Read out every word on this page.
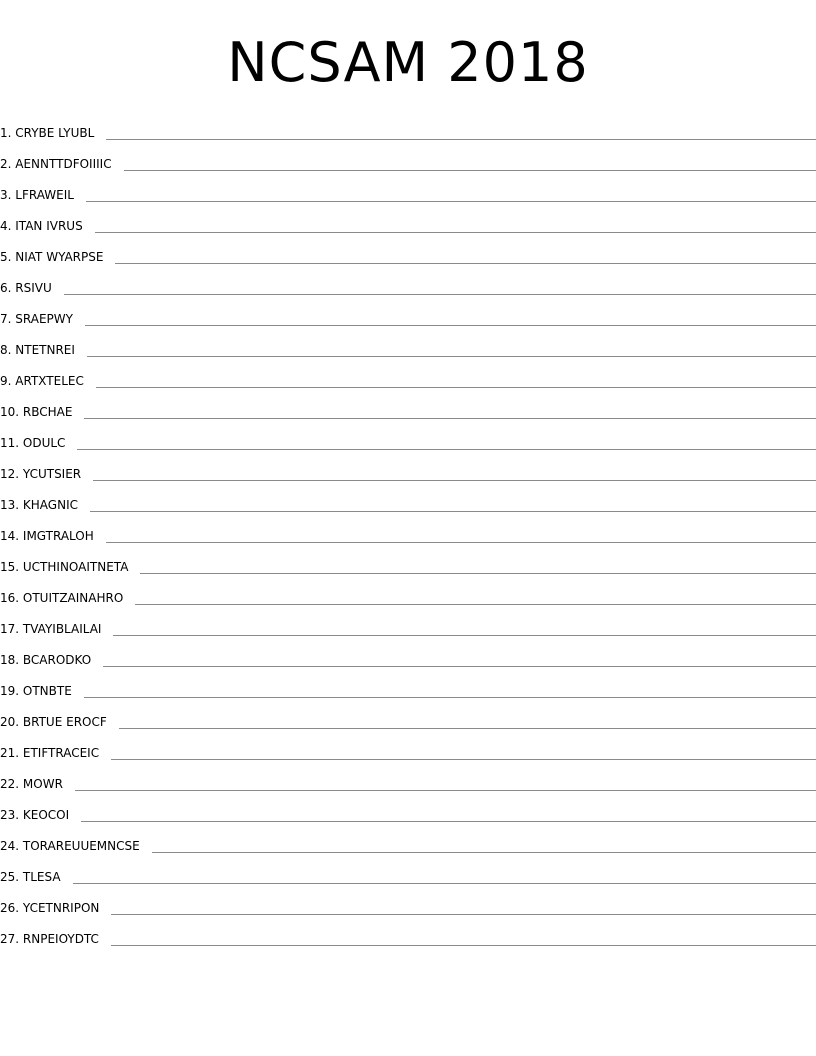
NCSAM 2018
1. CRYBE LYUBL
2. AENNTTDFOIIIIC
3. LFRAWEIL
4. ITAN IVRUS
5. NIAT WYARPSE
6. RSIVU
7. SRAEPWY
8. NTETNREI
9. ARTXTELEC
10. RBCHAE
11. ODULC
12. YCUTSIER
13. KHAGNIC
14. IMGTRALOH
15. UCTHINOAITNETA
16. OTUITZAINAHRO
17. TVAYIBLAILAI
18. BCARODKO
19. OTNBTE
20. BRTUE EROCF
21. ETIFTRACEIC
22. MOWR
23. KEOCOI
24. TORAREUUEMNCSE
25. TLESA
26. YCETNRIPON
27. RNPEIOYDTC
